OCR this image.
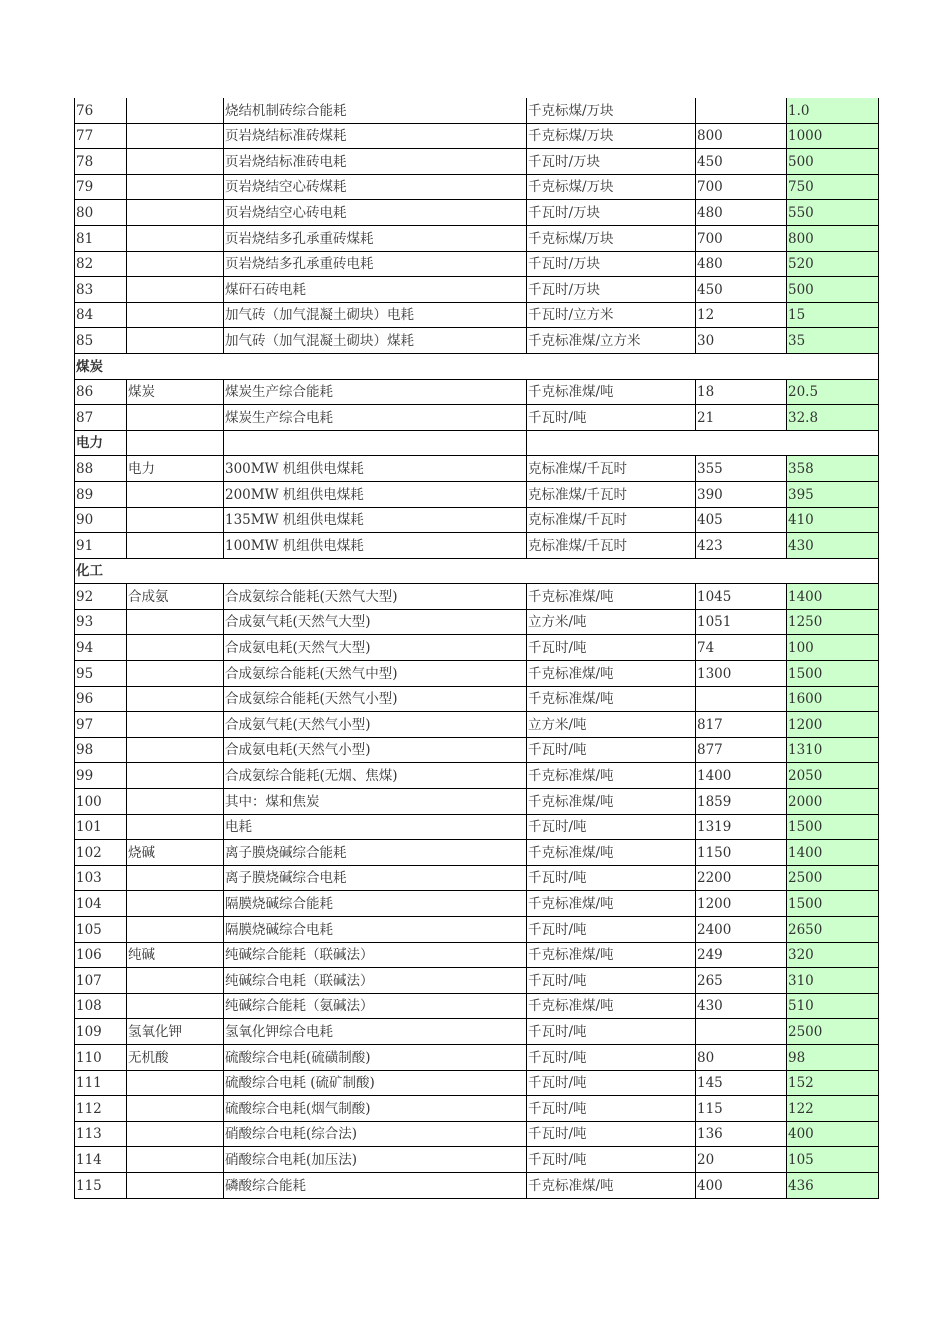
76		烧结机制砖综合能耗	千克标煤/万块		1.0
77		页岩烧结标准砖煤耗	千克标煤/万块	800	1000
78		页岩烧结标准砖电耗	千瓦时/万块	450	500
79		页岩烧结空心砖煤耗	千克标煤/万块	700	750
80		页岩烧结空心砖电耗	千瓦时/万块	480	550
81		页岩烧结多孔承重砖煤耗	千克标煤/万块	700	800
82		页岩烧结多孔承重砖电耗	千瓦时/万块	480	520
83		煤矸石砖电耗	千瓦时/万块	450	500
84		加气砖（加气混凝土砌块）电耗	千瓦时/立方米	12	15
85		加气砖（加气混凝土砌块）煤耗	千克标准煤/立方米	30	35
煤炭					
86	煤炭	煤炭生产综合能耗	千克标准煤/吨	18	20.5
87		煤炭生产综合电耗	千瓦时/吨	21	32.8
电力					
88	电力	300MW 机组供电煤耗	克标准煤/千瓦时	355	358
89		200MW 机组供电煤耗	克标准煤/千瓦时	390	395
90		135MW 机组供电煤耗	克标准煤/千瓦时	405	410
91		100MW 机组供电煤耗	克标准煤/千瓦时	423	430
化工					
92	合成氨	合成氨综合能耗(天然气大型)	千克标准煤/吨	1045	1400
93		合成氨气耗(天然气大型)	立方米/吨	1051	1250
94		合成氨电耗(天然气大型)	千瓦时/吨	74	100
95		合成氨综合能耗(天然气中型)	千克标准煤/吨	1300	1500
96		合成氨综合能耗(天然气小型)	千克标准煤/吨		1600
97		合成氨气耗(天然气小型)	立方米/吨	817	1200
98		合成氨电耗(天然气小型)	千瓦时/吨	877	1310
99		合成氨综合能耗(无烟、焦煤)	千克标准煤/吨	1400	2050
100		其中：煤和焦炭	千克标准煤/吨	1859	2000
101		电耗	千瓦时/吨	1319	1500
102	烧碱	离子膜烧碱综合能耗	千克标准煤/吨	1150	1400
103		离子膜烧碱综合电耗	千瓦时/吨	2200	2500
104		隔膜烧碱综合能耗	千克标准煤/吨	1200	1500
105		隔膜烧碱综合电耗	千瓦时/吨	2400	2650
106	纯碱	纯碱综合能耗（联碱法）	千克标准煤/吨	249	320
107		纯碱综合电耗（联碱法）	千瓦时/吨	265	310
108		纯碱综合能耗（氨碱法）	千克标准煤/吨	430	510
109	氢氧化钾	氢氧化钾综合电耗	千瓦时/吨		2500
110	无机酸	硫酸综合电耗(硫磺制酸)	千瓦时/吨	80	98
111		硫酸综合电耗 (硫矿制酸)	千瓦时/吨	145	152
112		硫酸综合电耗(烟气制酸)	千瓦时/吨	115	122
113		硝酸综合电耗(综合法)	千瓦时/吨	136	400
114		硝酸综合电耗(加压法)	千瓦时/吨	20	105
115		磷酸综合能耗	千克标准煤/吨	400	436
